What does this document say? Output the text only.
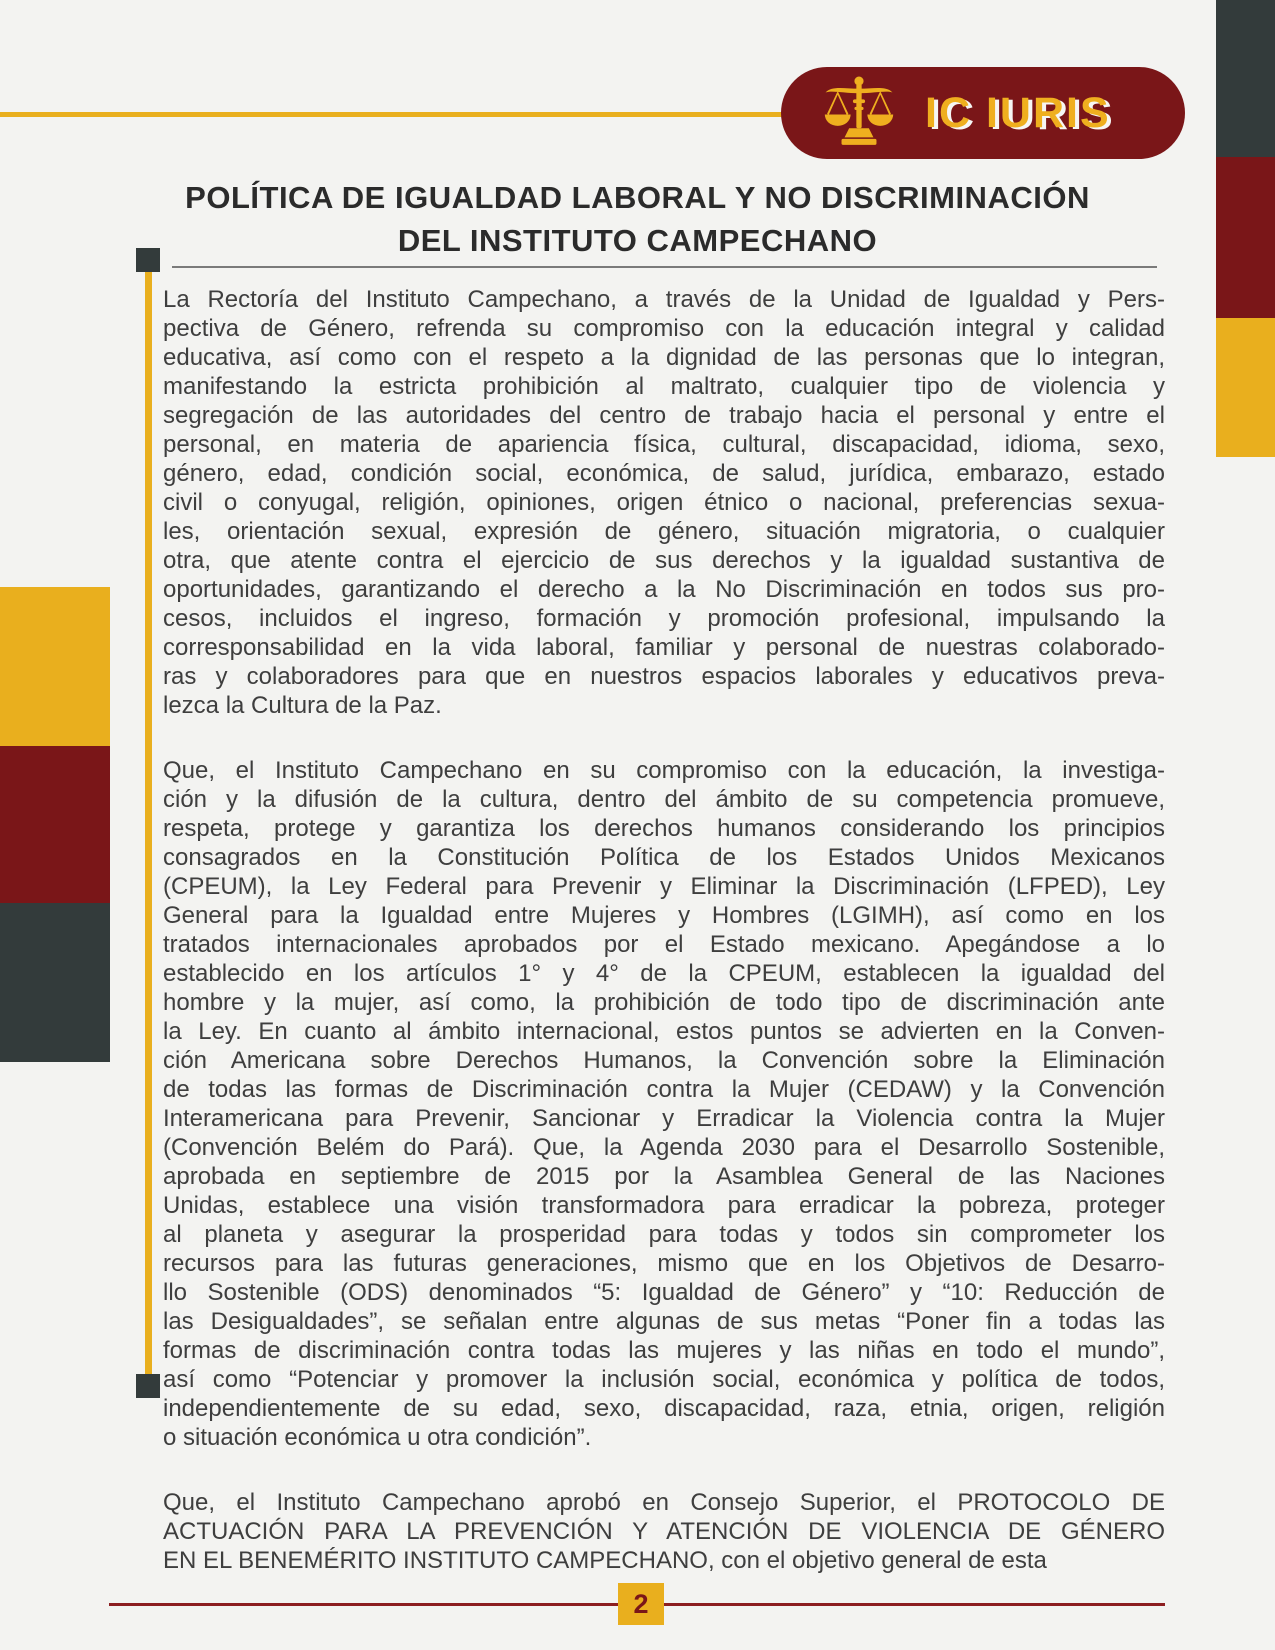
IC IURIS
POLÍTICA DE IGUALDAD LABORAL Y NO DISCRIMINACIÓN
DEL INSTITUTO CAMPECHANO
La Rectoría del Instituto Campechano, a través de la Unidad de Igualdad y Pers-
pectiva de Género, refrenda su compromiso con la educación integral y calidad
educativa, así como con el respeto a la dignidad de las personas que lo integran,
manifestando la estricta prohibición al maltrato, cualquier tipo de violencia y
segregación de las autoridades del centro de trabajo hacia el personal y entre el
personal, en materia de apariencia física, cultural, discapacidad, idioma, sexo,
género, edad, condición social, económica, de salud, jurídica, embarazo, estado
civil o conyugal, religión, opiniones, origen étnico o nacional, preferencias sexua-
les, orientación sexual, expresión de género, situación migratoria, o cualquier
otra, que atente contra el ejercicio de sus derechos y la igualdad sustantiva de
oportunidades, garantizando el derecho a la No Discriminación en todos sus pro-
cesos, incluidos el ingreso, formación y promoción profesional, impulsando la
corresponsabilidad en la vida laboral, familiar y personal de nuestras colaborado-
ras y colaboradores para que en nuestros espacios laborales y educativos preva-
lezca la Cultura de la Paz.
Que, el Instituto Campechano en su compromiso con la educación, la investiga-
ción y la difusión de la cultura, dentro del ámbito de su competencia promueve,
respeta, protege y garantiza los derechos humanos considerando los principios
consagrados en la Constitución Política de los Estados Unidos Mexicanos
(CPEUM), la Ley Federal para Prevenir y Eliminar la Discriminación (LFPED), Ley
General para la Igualdad entre Mujeres y Hombres (LGIMH), así como en los
tratados internacionales aprobados por el Estado mexicano. Apegándose a lo
establecido en los artículos 1° y 4° de la CPEUM, establecen la igualdad del
hombre y la mujer, así como, la prohibición de todo tipo de discriminación ante
la Ley. En cuanto al ámbito internacional, estos puntos se advierten en la Conven-
ción Americana sobre Derechos Humanos, la Convención sobre la Eliminación
de todas las formas de Discriminación contra la Mujer (CEDAW) y la Convención
Interamericana para Prevenir, Sancionar y Erradicar la Violencia contra la Mujer
(Convención Belém do Pará). Que, la Agenda 2030 para el Desarrollo Sostenible,
aprobada en septiembre de 2015 por la Asamblea General de las Naciones
Unidas, establece una visión transformadora para erradicar la pobreza, proteger
al planeta y asegurar la prosperidad para todas y todos sin comprometer los
recursos para las futuras generaciones, mismo que en los Objetivos de Desarro-
llo Sostenible (ODS) denominados “5: Igualdad de Género” y “10: Reducción de
las Desigualdades”, se señalan entre algunas de sus metas “Poner fin a todas las
formas de discriminación contra todas las mujeres y las niñas en todo el mundo”,
así como “Potenciar y promover la inclusión social, económica y política de todos,
independientemente de su edad, sexo, discapacidad, raza, etnia, origen, religión
o situación económica u otra condición”.
Que, el Instituto Campechano aprobó en Consejo Superior, el PROTOCOLO DE
ACTUACIÓN PARA LA PREVENCIÓN Y ATENCIÓN DE VIOLENCIA DE GÉNERO
EN EL BENEMÉRITO INSTITUTO CAMPECHANO, con el objetivo general de esta
2
